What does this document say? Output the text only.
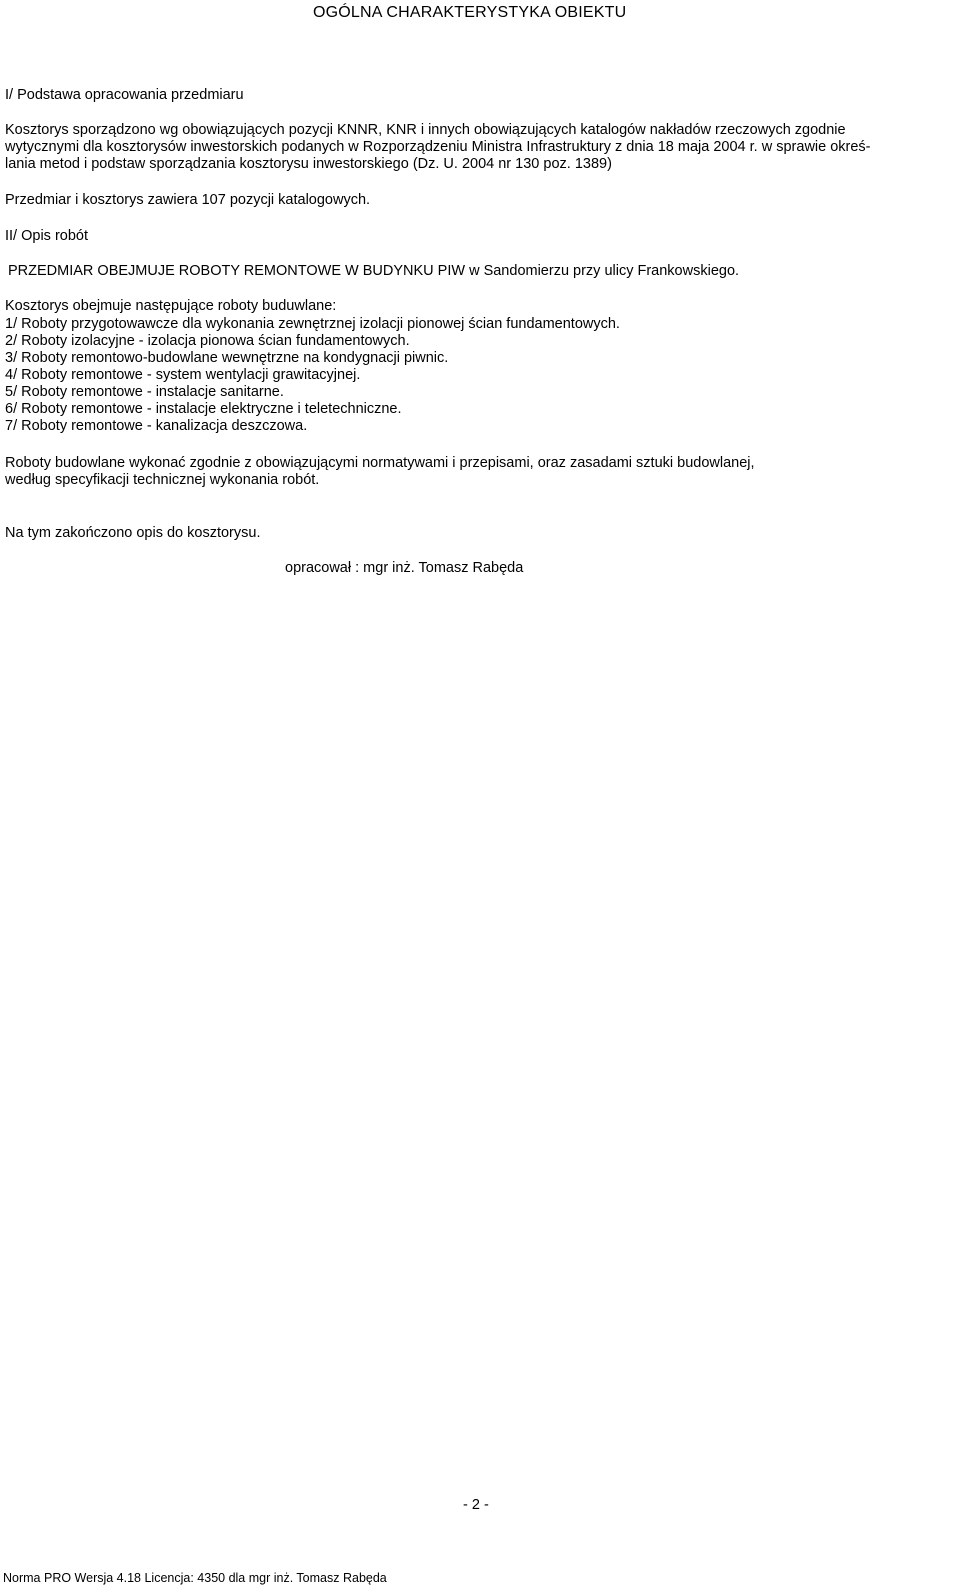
OGÓLNA CHARAKTERYSTYKA OBIEKTU
I/ Podstawa opracowania przedmiaru
Kosztorys sporządzono wg obowiązujących pozycji KNNR, KNR i innych obowiązujących katalogów nakładów rzeczowych zgodnie
wytycznymi dla kosztorysów inwestorskich podanych w Rozporządzeniu Ministra Infrastruktury z dnia 18 maja 2004 r. w sprawie okreś-
lania metod i podstaw sporządzania kosztorysu inwestorskiego (Dz. U. 2004 nr 130 poz. 1389)
Przedmiar i kosztorys zawiera 107 pozycji katalogowych.
II/ Opis robót
PRZEDMIAR OBEJMUJE ROBOTY REMONTOWE W BUDYNKU PIW w Sandomierzu przy ulicy Frankowskiego.
Kosztorys obejmuje następujące roboty buduwlane:
1/ Roboty przygotowawcze dla wykonania zewnętrznej izolacji pionowej ścian fundamentowych.
2/ Roboty izolacyjne - izolacja pionowa ścian fundamentowych.
3/ Roboty remontowo-budowlane wewnętrzne na kondygnacji piwnic.
4/ Roboty remontowe - system wentylacji grawitacyjnej.
5/ Roboty remontowe - instalacje sanitarne.
6/ Roboty remontowe - instalacje elektryczne i teletechniczne.
7/ Roboty remontowe - kanalizacja deszczowa.
Roboty budowlane wykonać zgodnie z obowiązującymi normatywami i przepisami, oraz zasadami sztuki budowlanej,
według specyfikacji technicznej wykonania robót.
Na tym zakończono opis do kosztorysu.
opracował : mgr inż. Tomasz Rabęda
- 2 -
Norma PRO Wersja 4.18 Licencja: 4350 dla mgr inż. Tomasz Rabęda
